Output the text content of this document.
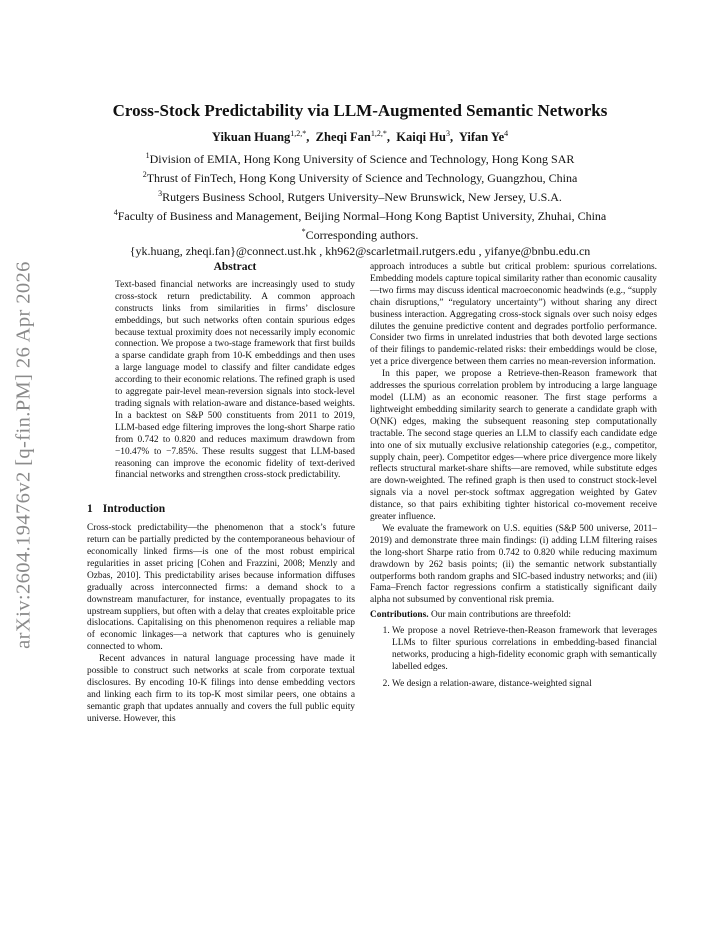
arXiv:2604.19476v2 [q-fin.PM] 26 Apr 2026
Cross-Stock Predictability via LLM-Augmented Semantic Networks
Yikuan Huang$^{1,2,*}$,  Zheqi Fan$^{1,2,*}$,  Kaiqi Hu$^3$,  Yifan Ye$^4$
$^1$Division of EMIA, Hong Kong University of Science and Technology, Hong Kong SAR
$^2$Thrust of FinTech, Hong Kong University of Science and Technology, Guangzhou, China
$^3$Rutgers Business School, Rutgers University–New Brunswick, New Jersey, U.S.A.
$^4$Faculty of Business and Management, Beijing Normal–Hong Kong Baptist University, Zhuhai, China
*Corresponding authors.
{yk.huang, zheqi.fan}@connect.ust.hk , kh962@scarletmail.rutgers.edu , yifanye@bnbu.edu.cn
Abstract

Text-based financial networks are increasingly used to study cross-stock return predictability. A common approach constructs links from similarities in firms’ disclosure embeddings, but such networks often contain spurious edges because textual proximity does not necessarily imply economic connection. We propose a two-stage framework that first builds a sparse candidate graph from 10-K embeddings and then uses a large language model to classify and filter candidate edges according to their economic relations. The refined graph is used to aggregate pair-level mean-reversion signals into stock-level trading signals with relation-aware and distance-based weights. In a backtest on S&P 500 constituents from 2011 to 2019, LLM-based edge filtering improves the long-short Sharpe ratio from 0.742 to 0.820 and reduces maximum drawdown from −10.47% to −7.85%. These results suggest that LLM-based reasoning can improve the economic fidelity of text-derived financial networks and strengthen cross-stock predictability.

1 Introduction

Cross-stock predictability—the phenomenon that a stock’s future return can be partially predicted by the contemporaneous behaviour of economically linked firms—is one of the most robust empirical regularities in asset pricing [Cohen and Frazzini, 2008; Menzly and Ozbas, 2010]. This predictability arises because information diffuses gradually across interconnected firms: a demand shock to a downstream manufacturer, for instance, eventually propagates to its upstream suppliers, but often with a delay that creates exploitable price dislocations. Capitalising on this phenomenon requires a reliable map of economic linkages—a network that captures who is genuinely connected to whom.

Recent advances in natural language processing have made it possible to construct such networks at scale from corporate textual disclosures. By encoding 10-K filings into dense embedding vectors and linking each firm to its top-K most similar peers, one obtains a semantic graph that updates annually and covers the full public equity universe. However, this

approach introduces a subtle but critical problem: spurious correlations. Embedding models capture topical similarity rather than economic causality—two firms may discuss identical macroeconomic headwinds (e.g., “supply chain disruptions,” “regulatory uncertainty”) without sharing any direct business interaction. Aggregating cross-stock signals over such noisy edges dilutes the genuine predictive content and degrades portfolio performance. Consider two firms in unrelated industries that both devoted large sections of their filings to pandemic-related risks: their embeddings would be close, yet a price divergence between them carries no mean-reversion information.

In this paper, we propose a Retrieve-then-Reason framework that addresses the spurious correlation problem by introducing a large language model (LLM) as an economic reasoner. The first stage performs a lightweight embedding similarity search to generate a candidate graph with O(NK) edges, making the subsequent reasoning step computationally tractable. The second stage queries an LLM to classify each candidate edge into one of six mutually exclusive relationship categories (e.g., competitor, supply chain, peer). Competitor edges—where price divergence more likely reflects structural market-share shifts—are removed, while substitute edges are down-weighted. The refined graph is then used to construct stock-level signals via a novel per-stock softmax aggregation weighted by Gatev distance, so that pairs exhibiting tighter historical co-movement receive greater influence.

We evaluate the framework on U.S. equities (S&P 500 universe, 2011–2019) and demonstrate three main findings: (i) adding LLM filtering raises the long-short Sharpe ratio from 0.742 to 0.820 while reducing maximum drawdown by 262 basis points; (ii) the semantic network substantially outperforms both random graphs and SIC-based industry networks; and (iii) Fama–French factor regressions confirm a statistically significant daily alpha not subsumed by conventional risk premia.

Contributions. Our main contributions are threefold:

1. We propose a novel Retrieve-then-Reason framework that leverages LLMs to filter spurious correlations in embedding-based financial networks, producing a high-fidelity economic graph with semantically labelled edges.
2. We design a relation-aware, distance-weighted signal
